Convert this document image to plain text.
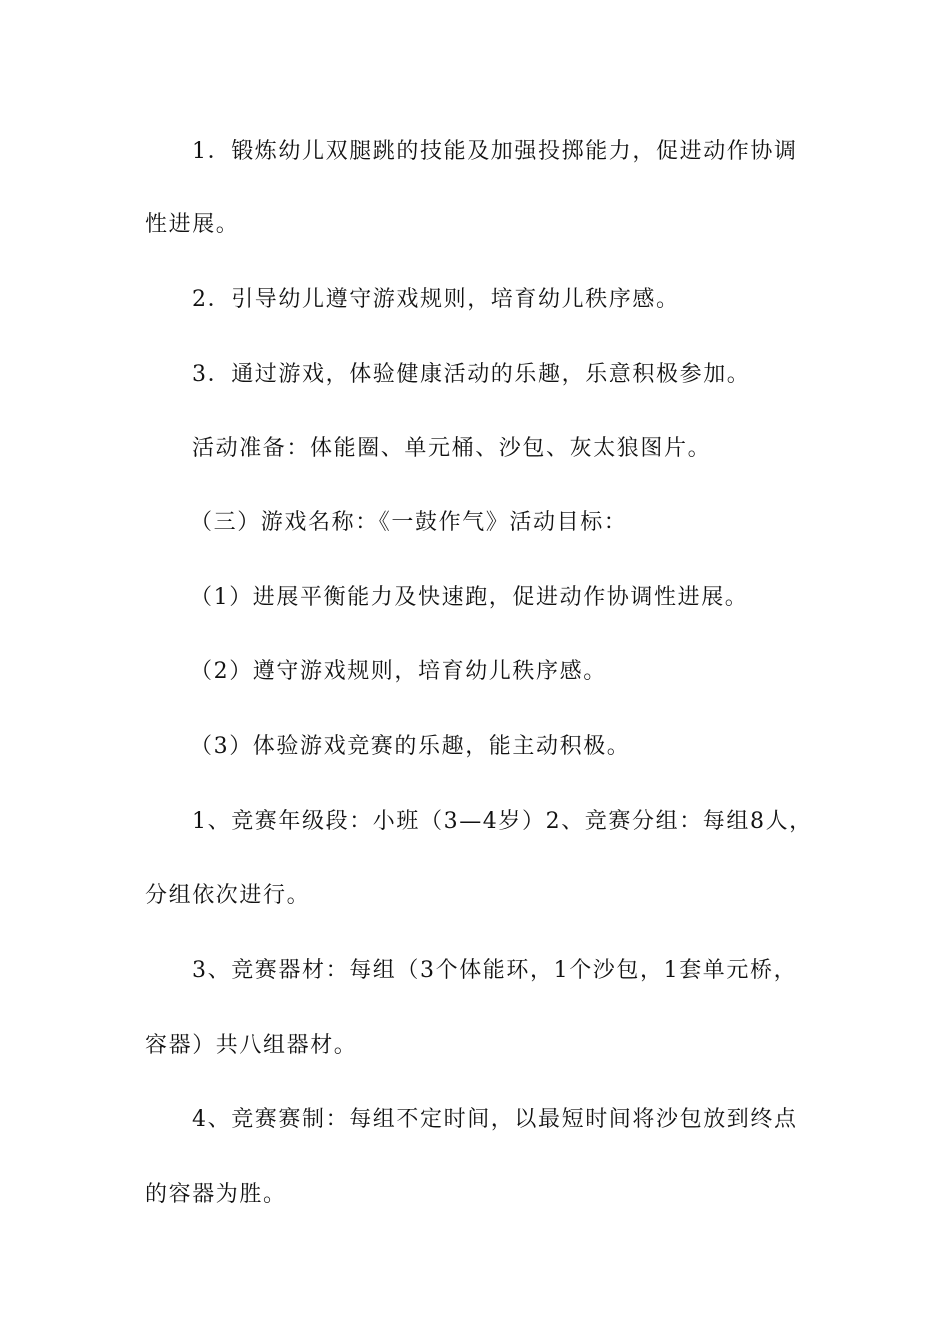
1．锻炼幼儿双腿跳的技能及加强投掷能力，促进动作协调
性进展。
2．引导幼儿遵守游戏规则，培育幼儿秩序感。
3．通过游戏，体验健康活动的乐趣，乐意积极参加。
活动准备：体能圈、单元桶、沙包、灰太狼图片。
（三）游戏名称：《一鼓作气》活动目标：
（1）进展平衡能力及快速跑，促进动作协调性进展。
（2）遵守游戏规则，培育幼儿秩序感。
（3）体验游戏竞赛的乐趣，能主动积极。
1、竞赛年级段：小班（3—4岁）2、竞赛分组：每组8人，
分组依次进行。
3、竞赛器材：每组（3个体能环，1个沙包，1套单元桥，
容器）共八组器材。
4、竞赛赛制：每组不定时间，以最短时间将沙包放到终点
的容器为胜。
